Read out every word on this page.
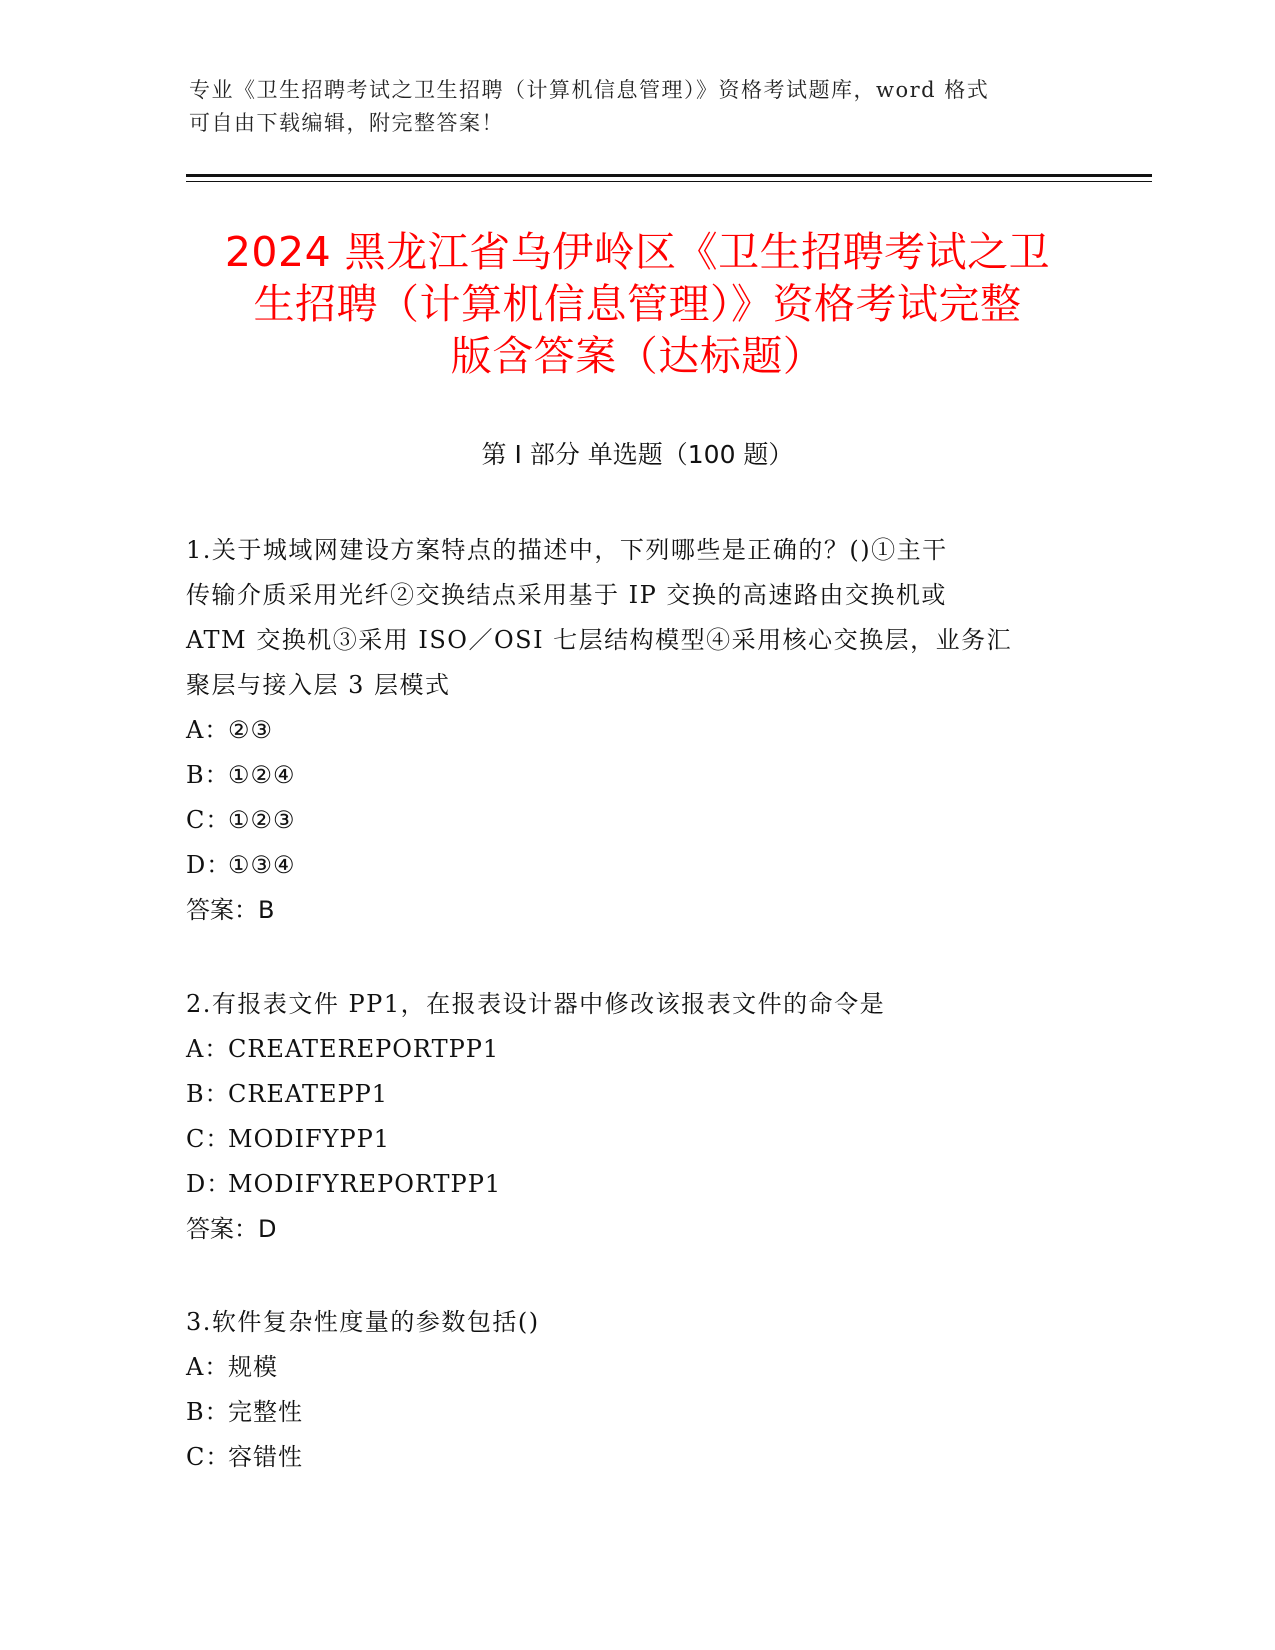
专业《卫生招聘考试之卫生招聘（计算机信息管理）》资格考试题库，word 格式
可自由下载编辑，附完整答案！
2024 黑龙江省乌伊岭区《卫生招聘考试之卫
生招聘（计算机信息管理）》资格考试完整
版含答案（达标题）
第 I 部分 单选题（100 题）

1.关于城域网建设方案特点的描述中，下列哪些是正确的？()①主干

传输介质采用光纤②交换结点采用基于 IP 交换的高速路由交换机或

ATM 交换机③采用 ISO／OSI 七层结构模型④采用核心交换层，业务汇

聚层与接入层 3 层模式

A：
②③
B：
①②④
C：
①②③
D：
①③④

答案：B

2.有报表文件 PP1，在报表设计器中修改该报表文件的命令是

A：
CREATEREPORTPP1
B：
CREATEPP1
C：
MODIFYPP1
D：
MODIFYREPORTPP1

答案：D

3.软件复杂性度量的参数包括()

A：
规模
B：
完整性
C：
容错性
